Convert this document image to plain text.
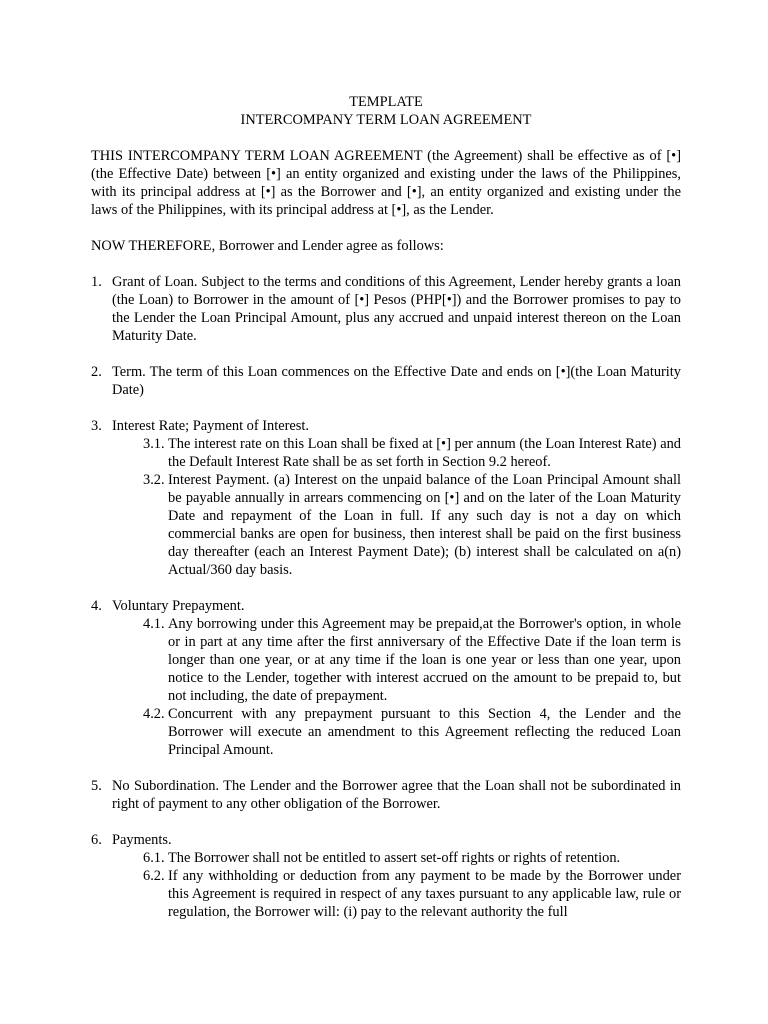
TEMPLATE

INTERCOMPANY TERM LOAN AGREEMENT

THIS INTERCOMPANY TERM LOAN AGREEMENT (the Agreement) shall be effective as of [•] (the Effective Date) between [•] an entity organized and existing under the laws of the Philippines, with its principal address at [•] as the Borrower and [•], an entity organized and existing under the laws of the Philippines, with its principal address at [•], as the Lender.

NOW THEREFORE, Borrower and Lender agree as follows:

1. Grant of Loan. Subject to the terms and conditions of this Agreement, Lender hereby grants a loan (the Loan) to Borrower in the amount of [•] Pesos (PHP[•]) and the Borrower promises to pay to the Lender the Loan Principal Amount, plus any accrued and unpaid interest thereon on the Loan Maturity Date.
2. Term. The term of this Loan commences on the Effective Date and ends on [•](the Loan Maturity Date)
3. Interest Rate; Payment of Interest.
3.1. The interest rate on this Loan shall be fixed at [•] per annum (the Loan Interest Rate) and the Default Interest Rate shall be as set forth in Section 9.2 hereof.
3.2. Interest Payment. (a) Interest on the unpaid balance of the Loan Principal Amount shall be payable annually in arrears commencing on [•] and on the later of the Loan Maturity Date and repayment of the Loan in full. If any such day is not a day on which commercial banks are open for business, then interest shall be paid on the first business day thereafter (each an Interest Payment Date); (b) interest shall be calculated on a(n) Actual/360 day basis.
4. Voluntary Prepayment.
4.1. Any borrowing under this Agreement may be prepaid,at the Borrower's option, in whole or in part at any time after the first anniversary of the Effective Date if the loan term is longer than one year, or at any time if the loan is one year or less than one year, upon notice to the Lender, together with interest accrued on the amount to be prepaid to, but not including, the date of prepayment.
4.2. Concurrent with any prepayment pursuant to this Section 4, the Lender and the Borrower will execute an amendment to this Agreement reflecting the reduced Loan Principal Amount.
5. No Subordination. The Lender and the Borrower agree that the Loan shall not be subordinated in right of payment to any other obligation of the Borrower.
6. Payments.
6.1. The Borrower shall not be entitled to assert set-off rights or rights of retention.
6.2. If any withholding or deduction from any payment to be made by the Borrower under this Agreement is required in respect of any taxes pursuant to any applicable law, rule or regulation, the Borrower will: (i) pay to the relevant authority the full
